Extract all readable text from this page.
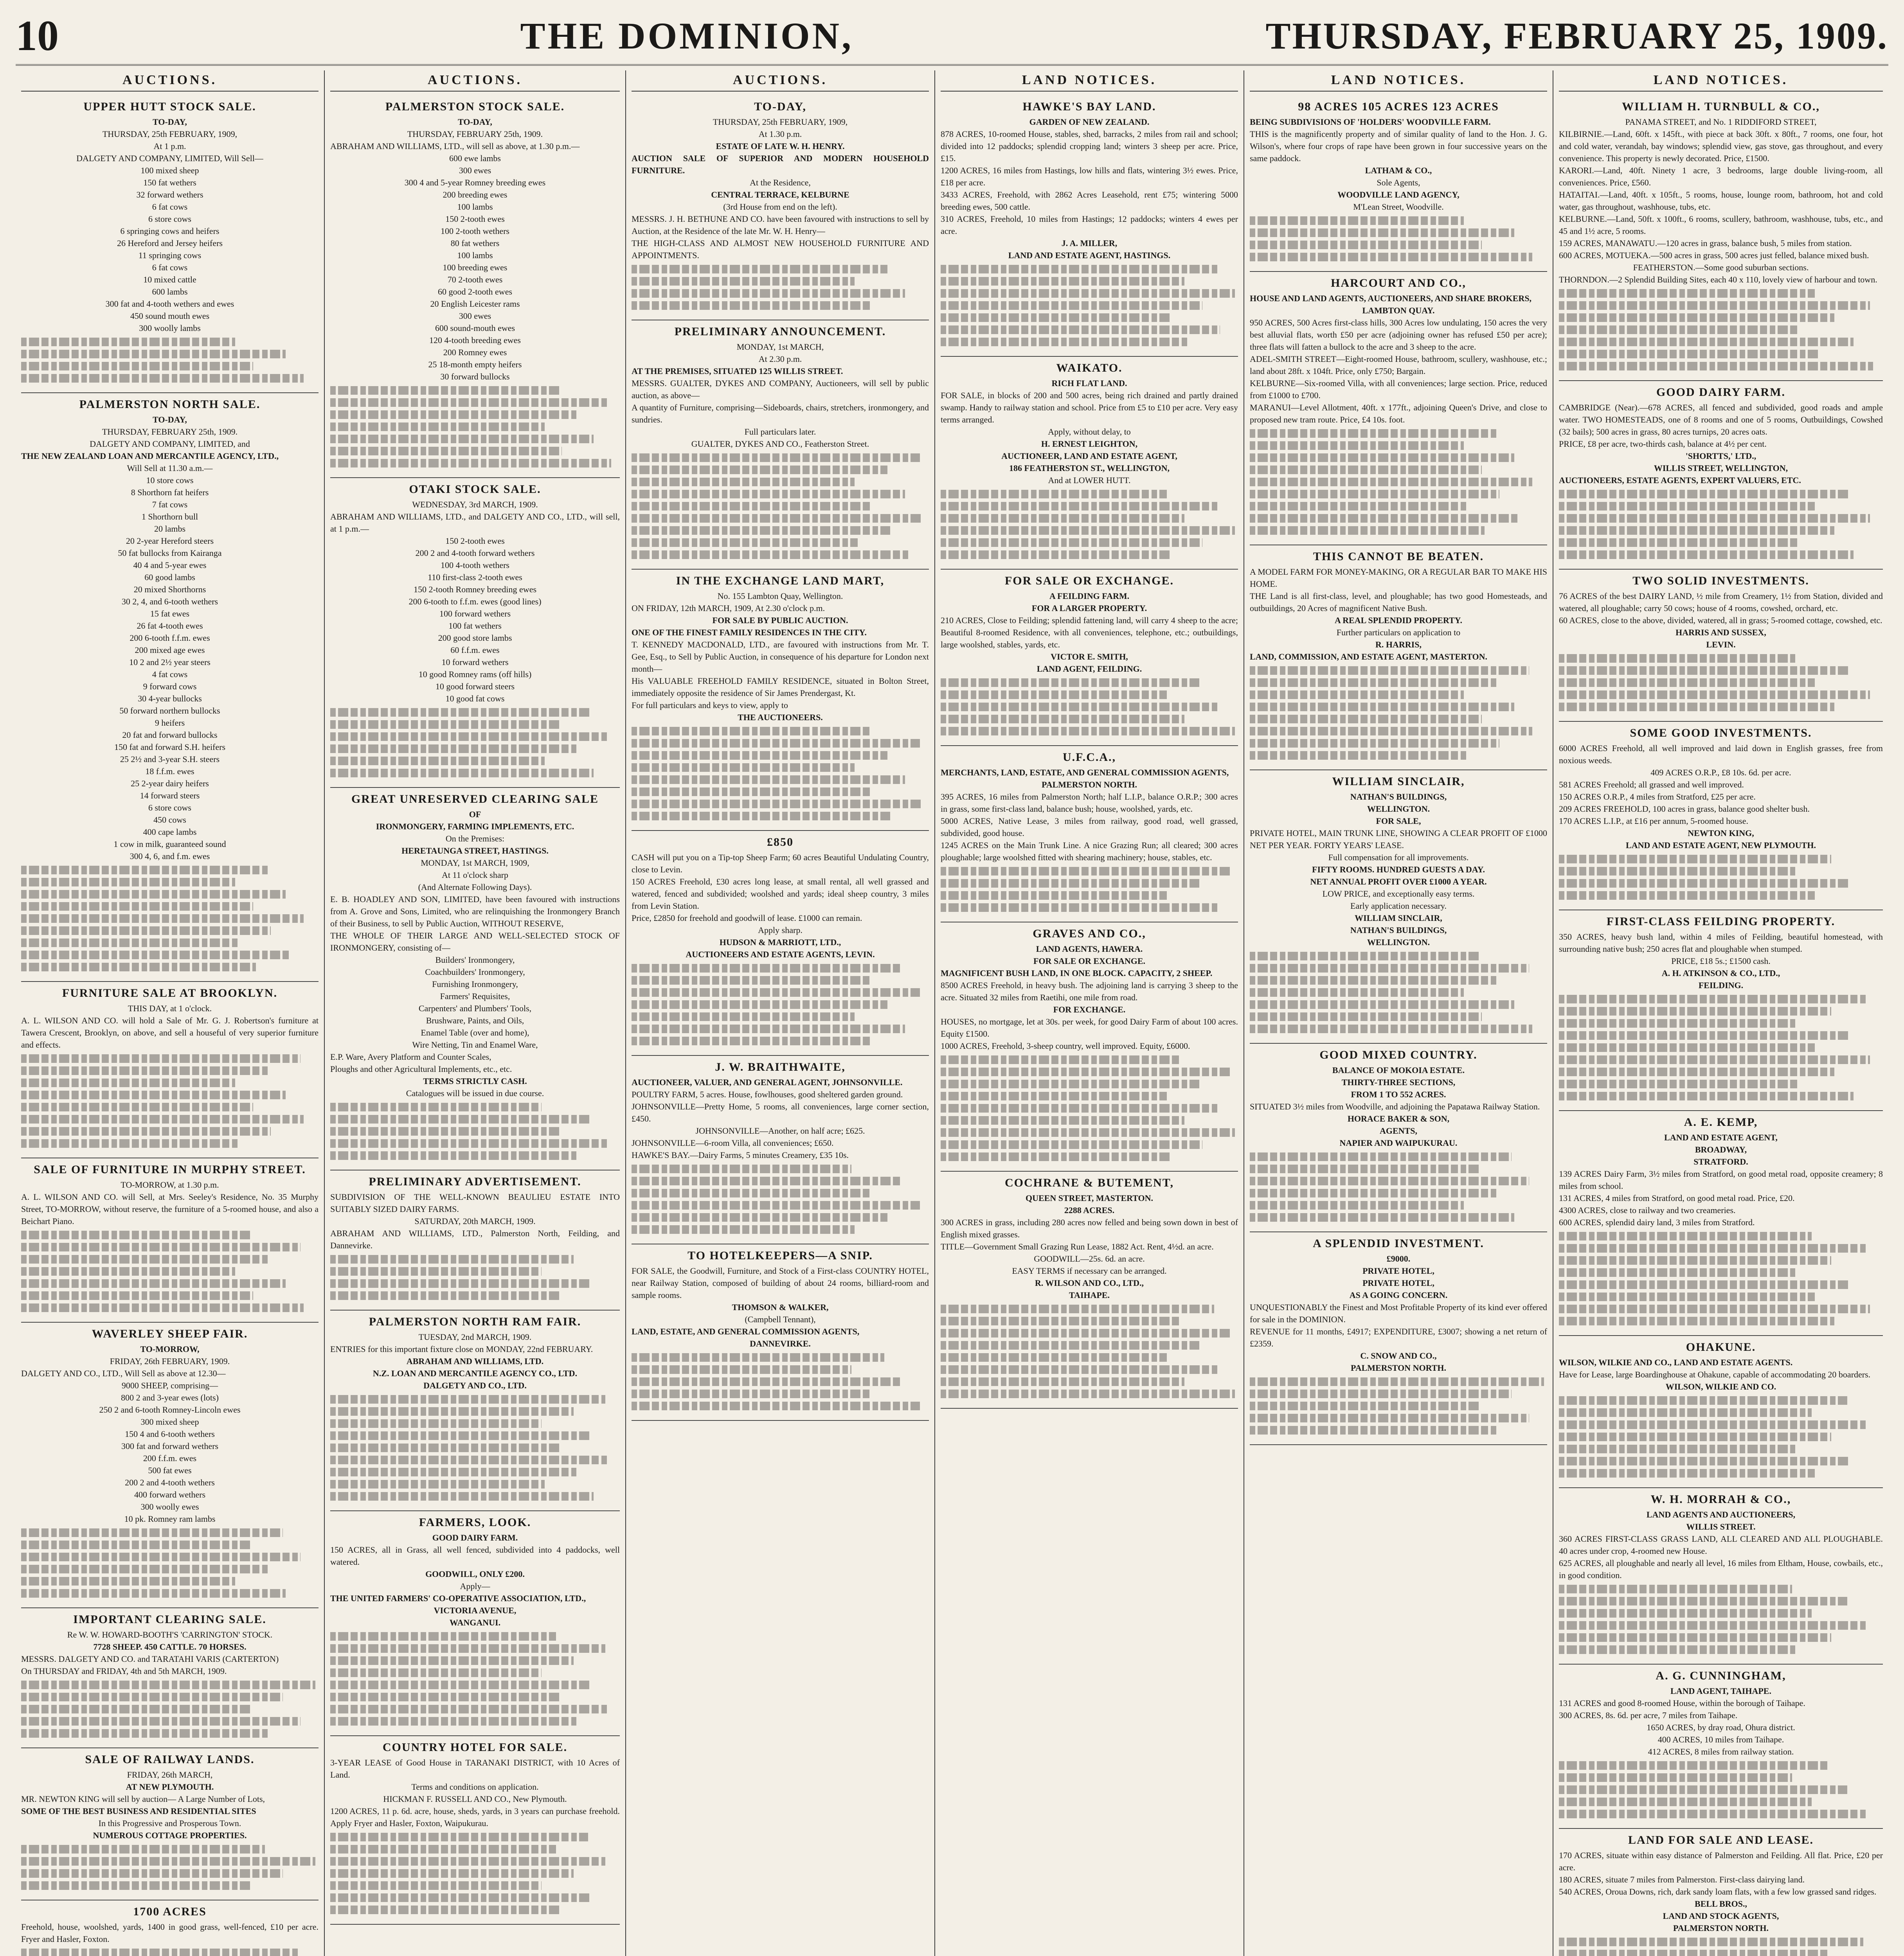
10	THE DOMINION,	THURSDAY, FEBRUARY 25, 1909.
AUCTIONS.
UPPER HUTT STOCK SALE.
TO-DAY,
THURSDAY, 25th FEBRUARY, 1909,
At 1 p.m.
DALGETY AND COMPANY, LIMITED, Will Sell—
100 mixed sheep
150 fat wethers
32 forward wethers
6 fat cows
6 store cows
6 springing cows and heifers
26 Hereford and Jersey heifers
11 springing cows
6 fat cows
10 mixed cattle
600 lambs
300 fat and 4-tooth wethers and ewes
450 sound mouth ewes
300 woolly lambs
PALMERSTON NORTH SALE.
TO-DAY,
THURSDAY, FEBRUARY 25th, 1909.
DALGETY AND COMPANY, LIMITED, and
THE NEW ZEALAND LOAN AND MERCANTILE AGENCY, LTD.,
Will Sell at 11.30 a.m.—
10 store cows
8 Shorthorn fat heifers
7 fat cows
1 Shorthorn bull
20 lambs
20 2-year Hereford steers
50 fat bullocks from Kairanga
40 4 and 5-year ewes
60 good lambs
20 mixed Shorthorns
30 2, 4, and 6-tooth wethers
15 fat ewes
26 fat 4-tooth ewes
200 6-tooth f.f.m. ewes
200 mixed age ewes
10 2 and 2½ year steers
4 fat cows
9 forward cows
30 4-year bullocks
50 forward northern bullocks
9 heifers
20 fat and forward bullocks
150 fat and forward S.H. heifers
25 2½ and 3-year S.H. steers
18 f.f.m. ewes
25 2-year dairy heifers
14 forward steers
6 store cows
450 cows
400 cape lambs
1 cow in milk, guaranteed sound
300 4, 6, and f.m. ewes
FURNITURE SALE AT BROOKLYN.
THIS DAY, at 1 o'clock.
A. L. WILSON AND CO. will hold a Sale of Mr. G. J. Robertson's furniture at Tawera Crescent, Brooklyn, on above, and sell a houseful of very superior furniture and effects.
SALE OF FURNITURE IN MURPHY STREET.
TO-MORROW, at 1.30 p.m.
A. L. WILSON AND CO. will Sell, at Mrs. Seeley's Residence, No. 35 Murphy Street, TO-MORROW, without reserve, the furniture of a 5-roomed house, and also a Beichart Piano.
WAVERLEY SHEEP FAIR.
TO-MORROW,
FRIDAY, 26th FEBRUARY, 1909.
DALGETY AND CO., LTD., Will Sell as above at 12.30—
9000 SHEEP, comprising—
800 2 and 3-year ewes (lots)
250 2 and 6-tooth Romney-Lincoln ewes
300 mixed sheep
150 4 and 6-tooth wethers
300 fat and forward wethers
200 f.f.m. ewes
500 fat ewes
200 2 and 4-tooth wethers
400 forward wethers
300 woolly ewes
10 pk. Romney ram lambs
IMPORTANT CLEARING SALE.
Re W. W. HOWARD-BOOTH'S 'CARRINGTON' STOCK.
7728 SHEEP. 450 CATTLE. 70 HORSES.
MESSRS. DALGETY AND CO. and TARATAHI VARIS (CARTERTON)
On THURSDAY and FRIDAY, 4th and 5th MARCH, 1909.
SALE OF RAILWAY LANDS.
FRIDAY, 26th MARCH,
AT NEW PLYMOUTH.
MR. NEWTON KING will sell by auction— A Large Number of Lots,
SOME OF THE BEST BUSINESS AND RESIDENTIAL SITES
In this Progressive and Prosperous Town.
NUMEROUS COTTAGE PROPERTIES.
1700 ACRES
Freehold, house, woolshed, yards, 1400 in good grass, well-fenced, £10 per acre. Fryer and Hasler, Foxton.
AUCTIONS.
PALMERSTON STOCK SALE.
TO-DAY,
THURSDAY, FEBRUARY 25th, 1909.
ABRAHAM AND WILLIAMS, LTD., will sell as above, at 1.30 p.m.—
600 ewe lambs
300 ewes
300 4 and 5-year Romney breeding ewes
200 breeding ewes
100 lambs
150 2-tooth ewes
100 2-tooth wethers
80 fat wethers
100 lambs
100 breeding ewes
70 2-tooth ewes
60 good 2-tooth ewes
20 English Leicester rams
300 ewes
600 sound-mouth ewes
120 4-tooth breeding ewes
200 Romney ewes
25 18-month empty heifers
30 forward bullocks
OTAKI STOCK SALE.
WEDNESDAY, 3rd MARCH, 1909.
ABRAHAM AND WILLIAMS, LTD., and DALGETY AND CO., LTD., will sell, at 1 p.m.—
150 2-tooth ewes
200 2 and 4-tooth forward wethers
100 4-tooth wethers
110 first-class 2-tooth ewes
150 2-tooth Romney breeding ewes
200 6-tooth to f.f.m. ewes (good lines)
100 forward wethers
100 fat wethers
200 good store lambs
60 f.f.m. ewes
10 forward wethers
10 good Romney rams (off hills)
10 good forward steers
10 good fat cows
GREAT UNRESERVED CLEARING SALE
OF
IRONMONGERY, FARMING IMPLEMENTS, ETC.
On the Premises:
HERETAUNGA STREET, HASTINGS.
MONDAY, 1st MARCH, 1909,
At 11 o'clock sharp
(And Alternate Following Days).
E. B. HOADLEY AND SON, LIMITED, have been favoured with instructions from A. Grove and Sons, Limited, who are relinquishing the Ironmongery Branch of their Business, to sell by Public Auction, WITHOUT RESERVE,
THE WHOLE OF THEIR LARGE AND WELL-SELECTED STOCK OF IRONMONGERY, consisting of—
Builders' Ironmongery,
Coachbuilders' Ironmongery,
Furnishing Ironmongery,
Farmers' Requisites,
Carpenters' and Plumbers' Tools,
Brushware, Paints, and Oils,
Enamel Table (over and home),
Wire Netting, Tin and Enamel Ware,
E.P. Ware, Avery Platform and Counter Scales,
Ploughs and other Agricultural Implements, etc., etc.
TERMS STRICTLY CASH.
Catalogues will be issued in due course.
PRELIMINARY ADVERTISEMENT.
SUBDIVISION OF THE WELL-KNOWN BEAULIEU ESTATE INTO SUITABLY SIZED DAIRY FARMS.
SATURDAY, 20th MARCH, 1909.
ABRAHAM AND WILLIAMS, LTD., Palmerston North, Feilding, and Dannevirke.
PALMERSTON NORTH RAM FAIR.
TUESDAY, 2nd MARCH, 1909.
ENTRIES for this important fixture close on MONDAY, 22nd FEBRUARY.
ABRAHAM AND WILLIAMS, LTD.
N.Z. LOAN AND MERCANTILE AGENCY CO., LTD.
DALGETY AND CO., LTD.
FARMERS, LOOK.
GOOD DAIRY FARM.
150 ACRES, all in Grass, all well fenced, subdivided into 4 paddocks, well watered.
GOODWILL, ONLY £200.
Apply—
THE UNITED FARMERS' CO-OPERATIVE ASSOCIATION, LTD.,
VICTORIA AVENUE,
WANGANUI.
COUNTRY HOTEL FOR SALE.
3-YEAR LEASE of Good House in TARANAKI DISTRICT, with 10 Acres of Land.
Terms and conditions on application.
HICKMAN F. RUSSELL AND CO., New Plymouth.
1200 ACRES, 11 p. 6d. acre, house, sheds, yards, in 3 years can purchase freehold. Apply Fryer and Hasler, Foxton, Waipukurau.
AUCTIONS.
TO-DAY,
THURSDAY, 25th FEBRUARY, 1909,
At 1.30 p.m.
ESTATE OF LATE W. H. HENRY.
AUCTION SALE OF SUPERIOR AND MODERN HOUSEHOLD FURNITURE.
At the Residence,
CENTRAL TERRACE, KELBURNE
(3rd House from end on the left).
MESSRS. J. H. BETHUNE AND CO. have been favoured with instructions to sell by Auction, at the Residence of the late Mr. W. H. Henry—
THE HIGH-CLASS AND ALMOST NEW HOUSEHOLD FURNITURE AND APPOINTMENTS.
PRELIMINARY ANNOUNCEMENT.
MONDAY, 1st MARCH,
At 2.30 p.m.
AT THE PREMISES, SITUATED 125 WILLIS STREET.
MESSRS. GUALTER, DYKES AND COMPANY, Auctioneers, will sell by public auction, as above—
A quantity of Furniture, comprising—Sideboards, chairs, stretchers, ironmongery, and sundries.
Full particulars later.
GUALTER, DYKES AND CO., Featherston Street.
IN THE EXCHANGE LAND MART,
No. 155 Lambton Quay, Wellington.
ON FRIDAY, 12th MARCH, 1909, At 2.30 o'clock p.m.
FOR SALE BY PUBLIC AUCTION.
ONE OF THE FINEST FAMILY RESIDENCES IN THE CITY.
T. KENNEDY MACDONALD, LTD., are favoured with instructions from Mr. T. Gee, Esq., to Sell by Public Auction, in consequence of his departure for London next month—
His VALUABLE FREEHOLD FAMILY RESIDENCE, situated in Bolton Street, immediately opposite the residence of Sir James Prendergast, Kt.
For full particulars and keys to view, apply to
THE AUCTIONEERS.
£850
CASH will put you on a Tip-top Sheep Farm; 60 acres Beautiful Undulating Country, close to Levin.
150 ACRES Freehold, £30 acres long lease, at small rental, all well grassed and watered, fenced and subdivided; woolshed and yards; ideal sheep country, 3 miles from Levin Station.
Price, £2850 for freehold and goodwill of lease. £1000 can remain.
Apply sharp.
HUDSON & MARRIOTT, LTD.,
AUCTIONEERS AND ESTATE AGENTS, LEVIN.
J. W. BRAITHWAITE,
AUCTIONEER, VALUER, AND GENERAL AGENT, JOHNSONVILLE.
POULTRY FARM, 5 acres. House, fowlhouses, good sheltered garden ground.
JOHNSONVILLE—Pretty Home, 5 rooms, all conveniences, large corner section, £450.
JOHNSONVILLE—Another, on half acre; £625.
JOHNSONVILLE—6-room Villa, all conveniences; £650.
HAWKE'S BAY.—Dairy Farms, 5 minutes Creamery, £35 10s.
TO HOTELKEEPERS—A SNIP.
FOR SALE, the Goodwill, Furniture, and Stock of a First-class COUNTRY HOTEL, near Railway Station, composed of building of about 24 rooms, billiard-room and sample rooms.
THOMSON & WALKER,
(Campbell Tennant),
LAND, ESTATE, AND GENERAL COMMISSION AGENTS,
DANNEVIRKE.
LAND NOTICES.
HAWKE'S BAY LAND.
GARDEN OF NEW ZEALAND.
878 ACRES, 10-roomed House, stables, shed, barracks, 2 miles from rail and school; divided into 12 paddocks; splendid cropping land; winters 3 sheep per acre. Price, £15.
1200 ACRES, 16 miles from Hastings, low hills and flats, wintering 3½ ewes. Price, £18 per acre.
3433 ACRES, Freehold, with 2862 Acres Leasehold, rent £75; wintering 5000 breeding ewes, 500 cattle.
310 ACRES, Freehold, 10 miles from Hastings; 12 paddocks; winters 4 ewes per acre.
J. A. MILLER,
LAND AND ESTATE AGENT, HASTINGS.
WAIKATO.
RICH FLAT LAND.
FOR SALE, in blocks of 200 and 500 acres, being rich drained and partly drained swamp. Handy to railway station and school. Price from £5 to £10 per acre. Very easy terms arranged.
Apply, without delay, to
H. ERNEST LEIGHTON,
AUCTIONEER, LAND AND ESTATE AGENT,
186 FEATHERSTON ST., WELLINGTON,
And at LOWER HUTT.
FOR SALE OR EXCHANGE.
A FEILDING FARM.
FOR A LARGER PROPERTY.
210 ACRES, Close to Feilding; splendid fattening land, will carry 4 sheep to the acre; Beautiful 8-roomed Residence, with all conveniences, telephone, etc.; outbuildings, large woolshed, stables, yards, etc.
VICTOR E. SMITH,
LAND AGENT, FEILDING.
U.F.C.A.,
MERCHANTS, LAND, ESTATE, AND GENERAL COMMISSION AGENTS,
PALMERSTON NORTH.
395 ACRES, 16 miles from Palmerston North; half L.I.P., balance O.R.P.; 300 acres in grass, some first-class land, balance bush; house, woolshed, yards, etc.
5000 ACRES, Native Lease, 3 miles from railway, good road, well grassed, subdivided, good house.
1245 ACRES on the Main Trunk Line. A nice Grazing Run; all cleared; 300 acres ploughable; large woolshed fitted with shearing machinery; house, stables, etc.
GRAVES AND CO.,
LAND AGENTS, HAWERA.
FOR SALE OR EXCHANGE.
MAGNIFICENT BUSH LAND, IN ONE BLOCK. CAPACITY, 2 SHEEP.
8500 ACRES Freehold, in heavy bush. The adjoining land is carrying 3 sheep to the acre. Situated 32 miles from Raetihi, one mile from road.
FOR EXCHANGE.
HOUSES, no mortgage, let at 30s. per week, for good Dairy Farm of about 100 acres. Equity £1500.
1000 ACRES, Freehold, 3-sheep country, well improved. Equity, £6000.
COCHRANE & BUTEMENT,
QUEEN STREET, MASTERTON.
2288 ACRES.
300 ACRES in grass, including 280 acres now felled and being sown down in best of English mixed grasses.
TITLE—Government Small Grazing Run Lease, 1882 Act. Rent, 4½d. an acre.
GOODWILL—25s. 6d. an acre.
EASY TERMS if necessary can be arranged.
R. WILSON AND CO., LTD.,
TAIHAPE.
LAND NOTICES.
98 ACRES 105 ACRES 123 ACRES
BEING SUBDIVISIONS OF 'HOLDERS' WOODVILLE FARM.
THIS is the magnificently property and of similar quality of land to the Hon. J. G. Wilson's, where four crops of rape have been grown in four successive years on the same paddock.
LATHAM & CO.,
Sole Agents,
WOODVILLE LAND AGENCY,
M'Lean Street, Woodville.
HARCOURT AND CO.,
HOUSE AND LAND AGENTS, AUCTIONEERS, AND SHARE BROKERS,
LAMBTON QUAY.
950 ACRES, 500 Acres first-class hills, 300 Acres low undulating, 150 acres the very best alluvial flats, worth £50 per acre (adjoining owner has refused £50 per acre); three flats will fatten a bullock to the acre and 3 sheep to the acre.
ADEL-SMITH STREET—Eight-roomed House, bathroom, scullery, washhouse, etc.; land about 28ft. x 104ft. Price, only £750; Bargain.
KELBURNE—Six-roomed Villa, with all conveniences; large section. Price, reduced from £1000 to £700.
MARANUI—Level Allotment, 40ft. x 177ft., adjoining Queen's Drive, and close to proposed new tram route. Price, £4 10s. foot.
THIS CANNOT BE BEATEN.
A MODEL FARM FOR MONEY-MAKING, OR A REGULAR BAR TO MAKE HIS HOME.
THE Land is all first-class, level, and ploughable; has two good Homesteads, and outbuildings, 20 Acres of magnificent Native Bush.
A REAL SPLENDID PROPERTY.
Further particulars on application to
R. HARRIS,
LAND, COMMISSION, AND ESTATE AGENT, MASTERTON.
WILLIAM SINCLAIR,
NATHAN'S BUILDINGS,
WELLINGTON.
FOR SALE,
PRIVATE HOTEL, MAIN TRUNK LINE, SHOWING A CLEAR PROFIT OF £1000 NET PER YEAR. FORTY YEARS' LEASE.
Full compensation for all improvements.
FIFTY ROOMS. HUNDRED GUESTS A DAY.
NET ANNUAL PROFIT OVER £1000 A YEAR.
LOW PRICE, and exceptionally easy terms.
Early application necessary.
WILLIAM SINCLAIR,
NATHAN'S BUILDINGS,
WELLINGTON.
GOOD MIXED COUNTRY.
BALANCE OF MOKOIA ESTATE.
THIRTY-THREE SECTIONS,
FROM 1 TO 552 ACRES.
SITUATED 3½ miles from Woodville, and adjoining the Papatawa Railway Station.
HORACE BAKER & SON,
AGENTS,
NAPIER AND WAIPUKURAU.
A SPLENDID INVESTMENT.
£9000.
PRIVATE HOTEL,
PRIVATE HOTEL,
AS A GOING CONCERN.
UNQUESTIONABLY the Finest and Most Profitable Property of its kind ever offered for sale in the DOMINION.
REVENUE for 11 months, £4917; EXPENDITURE, £3007; showing a net return of £2359.
C. SNOW AND CO.,
PALMERSTON NORTH.
LAND NOTICES.
WILLIAM H. TURNBULL & CO.,
PANAMA STREET, and No. 1 RIDDIFORD STREET,
KILBIRNIE.—Land, 60ft. x 145ft., with piece at back 30ft. x 80ft., 7 rooms, one four, hot and cold water, verandah, bay windows; splendid view, gas stove, gas throughout, and every convenience. This property is newly decorated. Price, £1500.
KARORI.—Land, 40ft. Ninety 1 acre, 3 bedrooms, large double living-room, all conveniences. Price, £560.
HATAITAI.—Land, 40ft. x 105ft., 5 rooms, house, lounge room, bathroom, hot and cold water, gas throughout, washhouse, tubs, etc.
KELBURNE.—Land, 50ft. x 100ft., 6 rooms, scullery, bathroom, washhouse, tubs, etc., and 45 and 1½ acre, 5 rooms.
159 ACRES, MANAWATU.—120 acres in grass, balance bush, 5 miles from station.
600 ACRES, MOTUEKA.—500 acres in grass, 500 acres just felled, balance mixed bush.
FEATHERSTON.—Some good suburban sections.
THORNDON.—2 Splendid Building Sites, each 40 x 110, lovely view of harbour and town.
GOOD DAIRY FARM.
CAMBRIDGE (Near).—678 ACRES, all fenced and subdivided, good roads and ample water. TWO HOMESTEADS, one of 8 rooms and one of 5 rooms, Outbuildings, Cowshed (32 bails); 500 acres in grass, 80 acres turnips, 20 acres oats.
PRICE, £8 per acre, two-thirds cash, balance at 4½ per cent.
'SHORTTS,' LTD.,
WILLIS STREET, WELLINGTON,
AUCTIONEERS, ESTATE AGENTS, EXPERT VALUERS, ETC.
TWO SOLID INVESTMENTS.
76 ACRES of the best DAIRY LAND, ½ mile from Creamery, 1½ from Station, divided and watered, all ploughable; carry 50 cows; house of 4 rooms, cowshed, orchard, etc.
60 ACRES, close to the above, divided, watered, all in grass; 5-roomed cottage, cowshed, etc.
HARRIS AND SUSSEX,
LEVIN.
SOME GOOD INVESTMENTS.
6000 ACRES Freehold, all well improved and laid down in English grasses, free from noxious weeds.
409 ACRES O.R.P., £8 10s. 6d. per acre.
581 ACRES Freehold; all grassed and well improved.
150 ACRES O.R.P., 4 miles from Stratford, £25 per acre.
209 ACRES FREEHOLD, 100 acres in grass, balance good shelter bush.
170 ACRES L.I.P., at £16 per annum, 5-roomed house.
NEWTON KING,
LAND AND ESTATE AGENT, NEW PLYMOUTH.
FIRST-CLASS FEILDING PROPERTY.
350 ACRES, heavy bush land, within 4 miles of Feilding, beautiful homestead, with surrounding native bush; 250 acres flat and ploughable when stumped.
PRICE, £18 5s.; £1500 cash.
A. H. ATKINSON & CO., LTD.,
FEILDING.
A. E. KEMP,
LAND AND ESTATE AGENT,
BROADWAY,
STRATFORD.
139 ACRES Dairy Farm, 3½ miles from Stratford, on good metal road, opposite creamery; 8 miles from school.
131 ACRES, 4 miles from Stratford, on good metal road. Price, £20.
4300 ACRES, close to railway and two creameries.
600 ACRES, splendid dairy land, 3 miles from Stratford.
OHAKUNE.
WILSON, WILKIE AND CO., LAND AND ESTATE AGENTS.
Have for Lease, large Boardinghouse at Ohakune, capable of accommodating 20 boarders.
WILSON, WILKIE AND CO.
W. H. MORRAH & CO.,
LAND AGENTS AND AUCTIONEERS,
WILLIS STREET.
360 ACRES FIRST-CLASS GRASS LAND, ALL CLEARED AND ALL PLOUGHABLE. 40 acres under crop, 4-roomed new House.
625 ACRES, all ploughable and nearly all level, 16 miles from Eltham, House, cowbails, etc., in good condition.
A. G. CUNNINGHAM,
LAND AGENT, TAIHAPE.
131 ACRES and good 8-roomed House, within the borough of Taihape.
300 ACRES, 8s. 6d. per acre, 7 miles from Taihape.
1650 ACRES, by dray road, Ohura district.
400 ACRES, 10 miles from Taihape.
412 ACRES, 8 miles from railway station.
LAND FOR SALE AND LEASE.
170 ACRES, situate within easy distance of Palmerston and Feilding. All flat. Price, £20 per acre.
180 ACRES, situate 7 miles from Palmerston. First-class dairying land.
540 ACRES, Oroua Downs, rich, dark sandy loam flats, with a few low grassed sand ridges.
BELL BROS.,
LAND AND STOCK AGENTS,
PALMERSTON NORTH.
